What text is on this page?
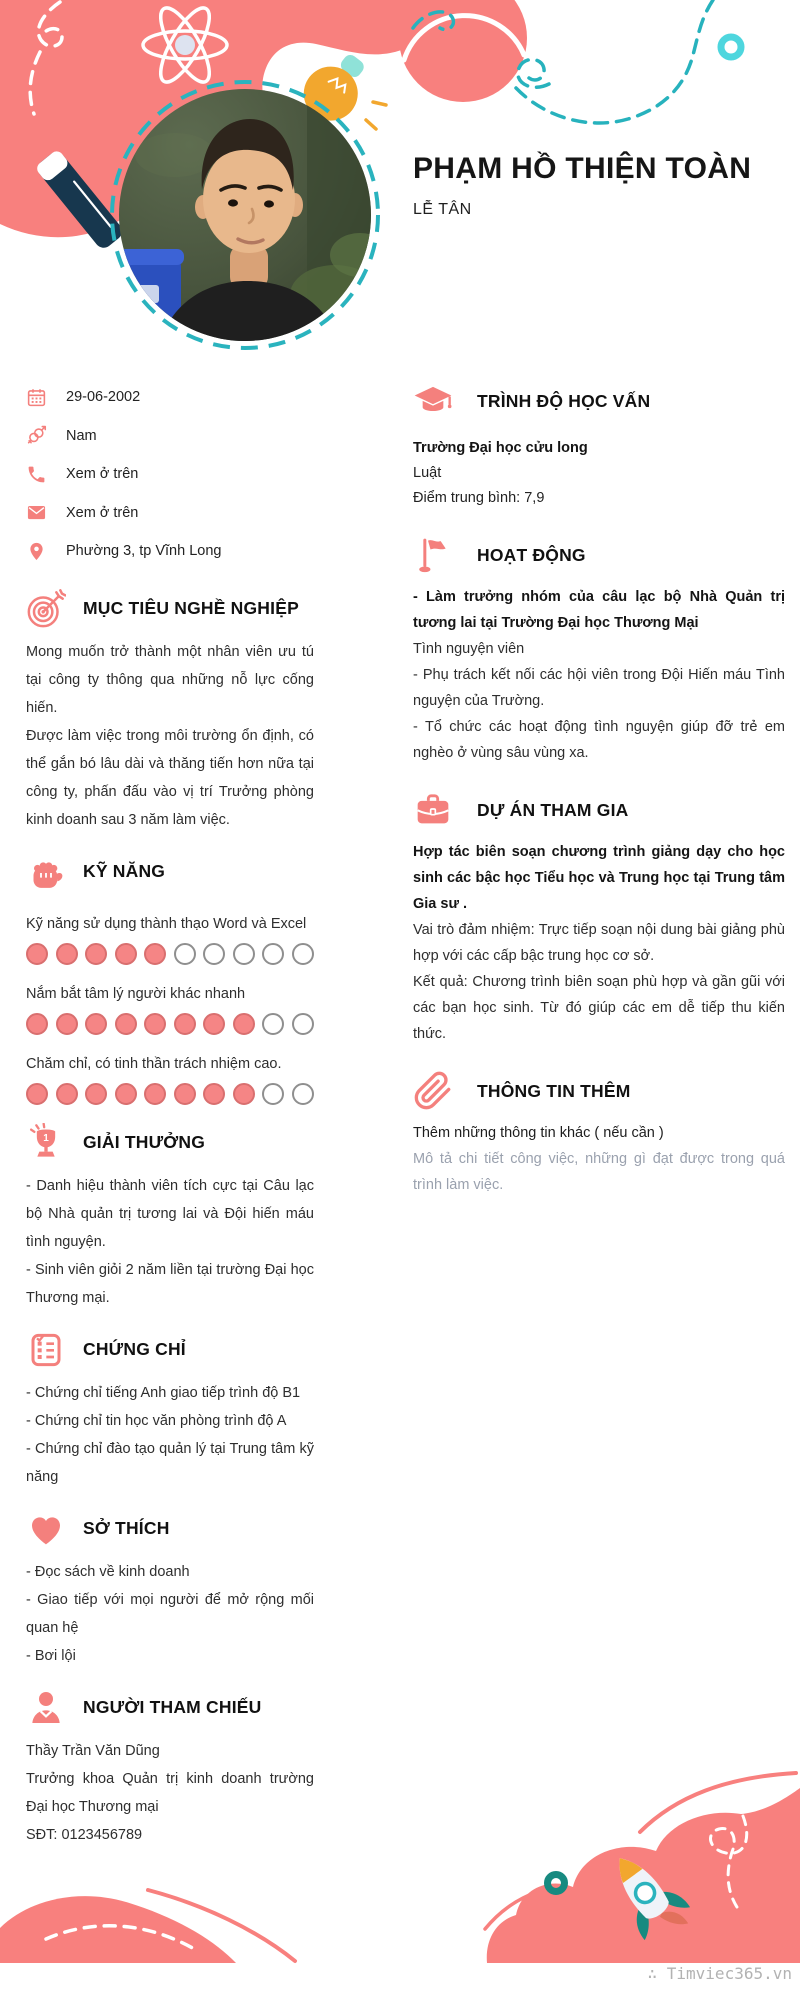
PHẠM HỒ THIỆN TOÀN
LỄ TÂN
29-06-2002
Nam
Xem ở trên
Xem ở trên
Phường 3, tp Vĩnh Long
MỤC TIÊU NGHỀ NGHIỆP
Mong muốn trở thành một nhân viên ưu tú tại công ty thông qua những nỗ lực cống hiến.
Được làm việc trong môi trường ổn định, có thể gắn bó lâu dài và thăng tiến hơn nữa tại công ty, phấn đấu vào vị trí Trưởng phòng kinh doanh sau 3 năm làm việc.
KỸ NĂNG
Kỹ năng sử dụng thành thạo Word và Excel
Nắm bắt tâm lý người khác nhanh
Chăm chỉ, có tinh thần trách nhiệm cao.
1 GIẢI THƯỞNG
- Danh hiệu thành viên tích cực tại Câu lạc bộ Nhà quản trị tương lai và Đội hiến máu tình nguyện.
- Sinh viên giỏi 2 năm liền tại trường Đại học Thương mại.
CHỨNG CHỈ
- Chứng chỉ tiếng Anh giao tiếp trình độ B1
- Chứng chỉ tin học văn phòng trình độ A
- Chứng chỉ đào tạo quản lý tại Trung tâm kỹ năng
SỞ THÍCH
- Đọc sách về kinh doanh
- Giao tiếp với mọi người để mở rộng mối quan hệ
- Bơi lội
NGƯỜI THAM CHIẾU
Thầy Trần Văn Dũng
Trưởng khoa Quản trị kinh doanh trường Đại học Thương mại
SĐT: 0123456789
TRÌNH ĐỘ HỌC VẤN
Trường Đại học cửu long
Luật
Điểm trung bình: 7,9
HOẠT ĐỘNG
- Làm trưởng nhóm của câu lạc bộ Nhà Quản trị tương lai tại Trường Đại học Thương Mại
Tình nguyện viên
- Phụ trách kết nối các hội viên trong Đội Hiến máu Tình nguyện của Trường.
- Tổ chức các hoạt động tình nguyện giúp đỡ trẻ em nghèo ở vùng sâu vùng xa.
DỰ ÁN THAM GIA
Hợp tác biên soạn chương trình giảng dạy cho học sinh các bậc học Tiểu học và Trung học tại Trung tâm Gia sư .
Vai trò đảm nhiệm: Trực tiếp soạn nội dung bài giảng phù hợp với các cấp bậc trung học cơ sở.
Kết quả: Chương trình biên soạn phù hợp và gần gũi với các bạn học sinh. Từ đó giúp các em dễ tiếp thu kiến thức.
THÔNG TIN THÊM
Thêm những thông tin khác ( nếu cần )
Mô tả chi tiết công việc, những gì đạt được trong quá trình làm việc.
∴ Timviec365.vn
